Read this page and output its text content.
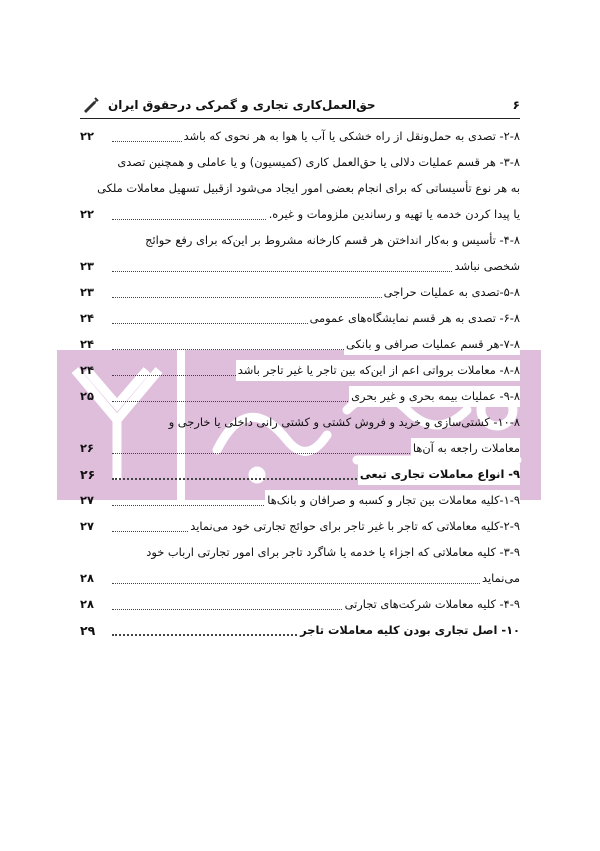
۶
حق‌العمل‌کاری تجاری و گمرکی درحقوق ایران
۲-۸- تصدی به حمل‌ونقل از راه خشکی یا آب یا هوا به هر نحوی که باشد
۲۲
۳-۸- هر قسم عملیات دلالی یا حق‌العمل کاری (کمیسیون) و یا عاملی و همچنین تصدی
به هر نوع تأسیساتی که برای انجام بعضی امور ایجاد می‌شود ازقبیل تسهیل معاملات ملکی
یا پیدا کردن خدمه یا تهیه و رساندین ملزومات و غیره.
۲۲
۴-۸- تأسیس و به‌کار انداختن هر قسم کارخانه مشروط بر این‌که برای رفع حوائج
شخصی نباشد
۲۳
۵-۸-تصدی به عملیات حراجی
۲۳
۶-۸- تصدی به هر قسم نمایشگاه‌های عمومی
۲۴
۷-۸-هر قسم عملیات صرافی و بانکی
۲۴
۸-۸- معاملات برواتی اعم از این‌که بین تاجر یا غیر تاجر باشد
۲۴
۹-۸- عملیات بیمه بحری و غیر بحری
۲۵
۱۰-۸- کشتی‌سازی و خرید و فروش کشتی و کشتی رانی داخلی یا خارجی و
معاملات راجعه به آن‌ها
۲۶
۹- انواع معاملات تجاری تبعی
۲۶
۱-۹-کلیه معاملات بین تجار و کسبه و صرافان و بانک‌ها
۲۷
۲-۹-کلیه معاملاتی که تاجر با غیر تاجر برای حوائج تجارتی خود می‌نماید
۲۷
۳-۹- کلیه معاملاتی که اجزاء یا خدمه یا شاگرد تاجر برای امور تجارتی ارباب خود
می‌نماید
۲۸
۴-۹- کلیه معاملات شرکت‌های تجارتی
۲۸
۱۰- اصل تجاری بودن کلیه معاملات تاجر
۲۹
